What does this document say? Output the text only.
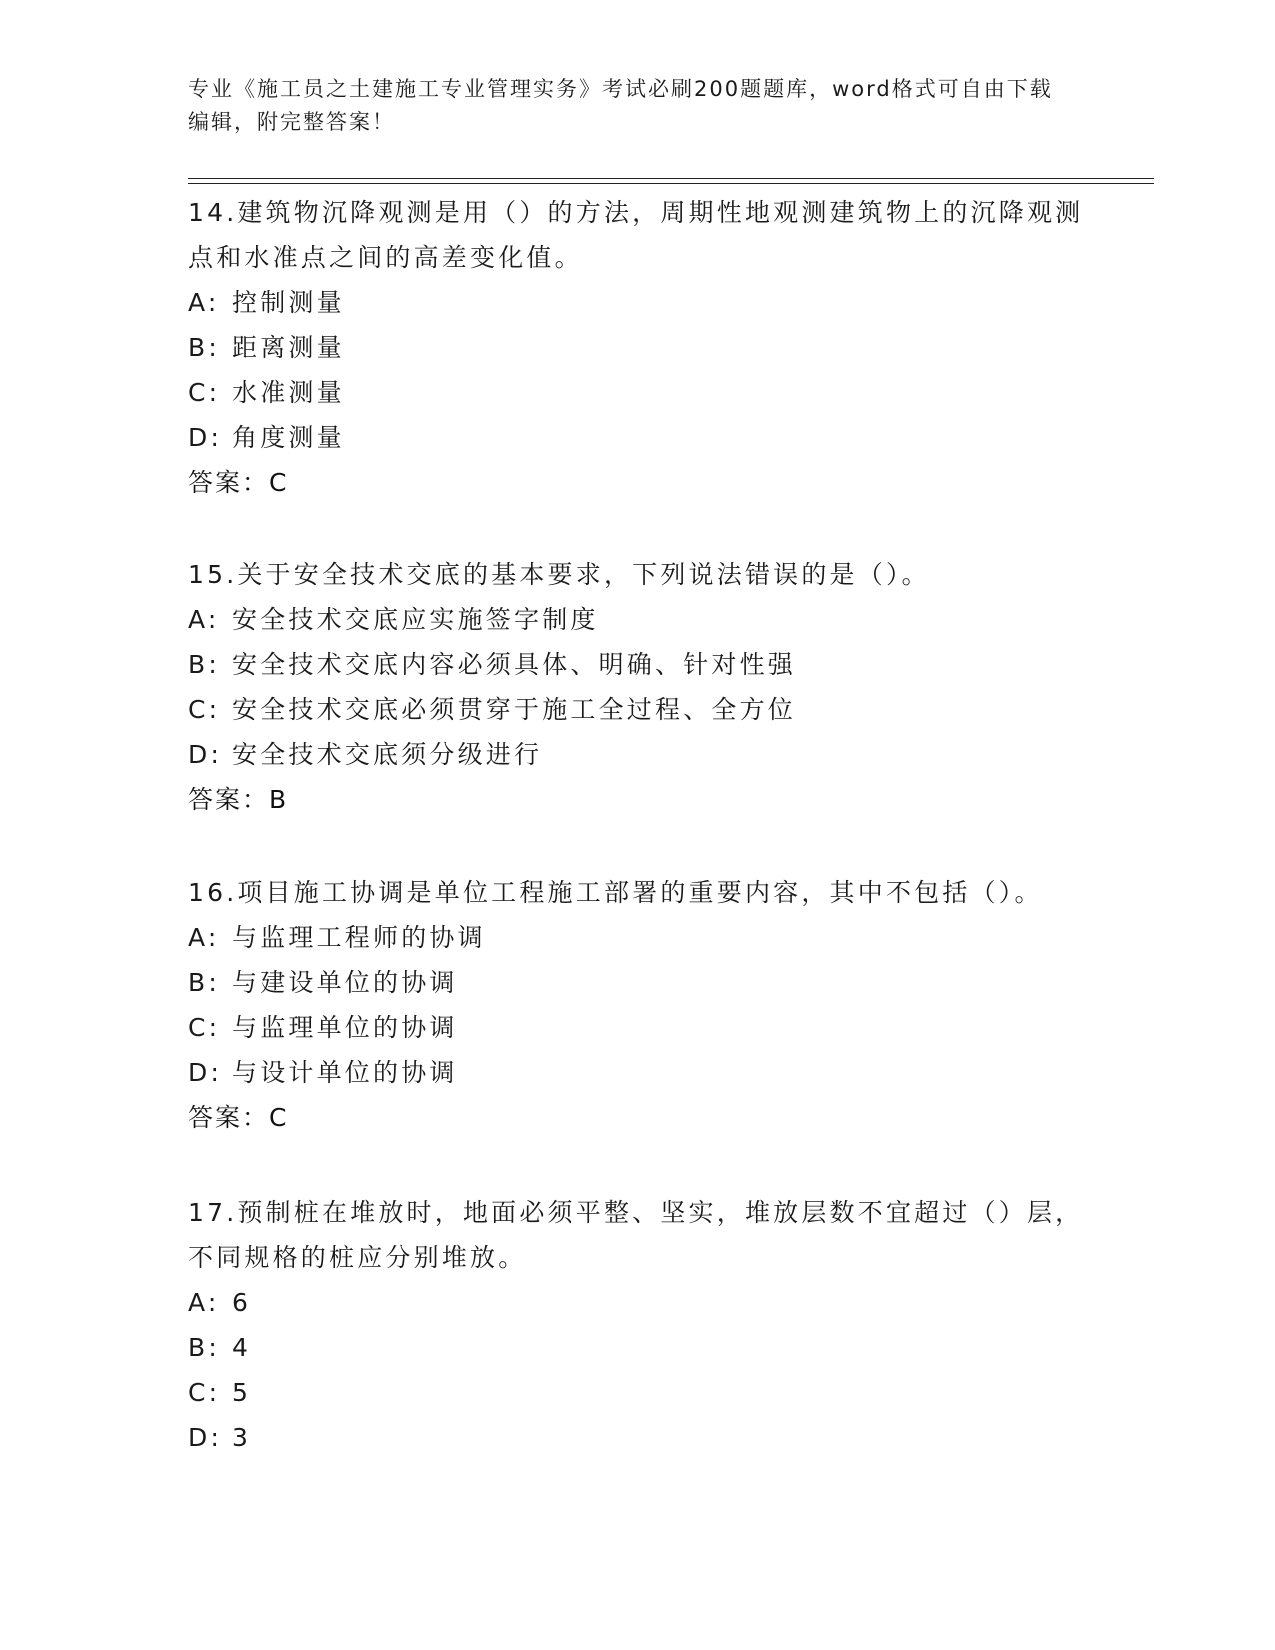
专业《施工员之土建施工专业管理实务》考试必刷200题题库，word格式可自由下载编辑，附完整答案！

14.建筑物沉降观测是用（）的方法，周期性地观测建筑物上的沉降观测点和水准点之间的高差变化值。

A: 控制测量
B: 距离测量
C: 水准测量
D: 角度测量
答案：C

15.关于安全技术交底的基本要求，下列说法错误的是（）。

A: 安全技术交底应实施签字制度
B: 安全技术交底内容必须具体、明确、针对性强
C: 安全技术交底必须贯穿于施工全过程、全方位
D: 安全技术交底须分级进行
答案：B

16.项目施工协调是单位工程施工部署的重要内容，其中不包括（）。

A: 与监理工程师的协调
B: 与建设单位的协调
C: 与监理单位的协调
D: 与设计单位的协调
答案：C

17.预制桩在堆放时，地面必须平整、坚实，堆放层数不宜超过（）层，不同规格的桩应分别堆放。

A: 6
B: 4
C: 5
D: 3
